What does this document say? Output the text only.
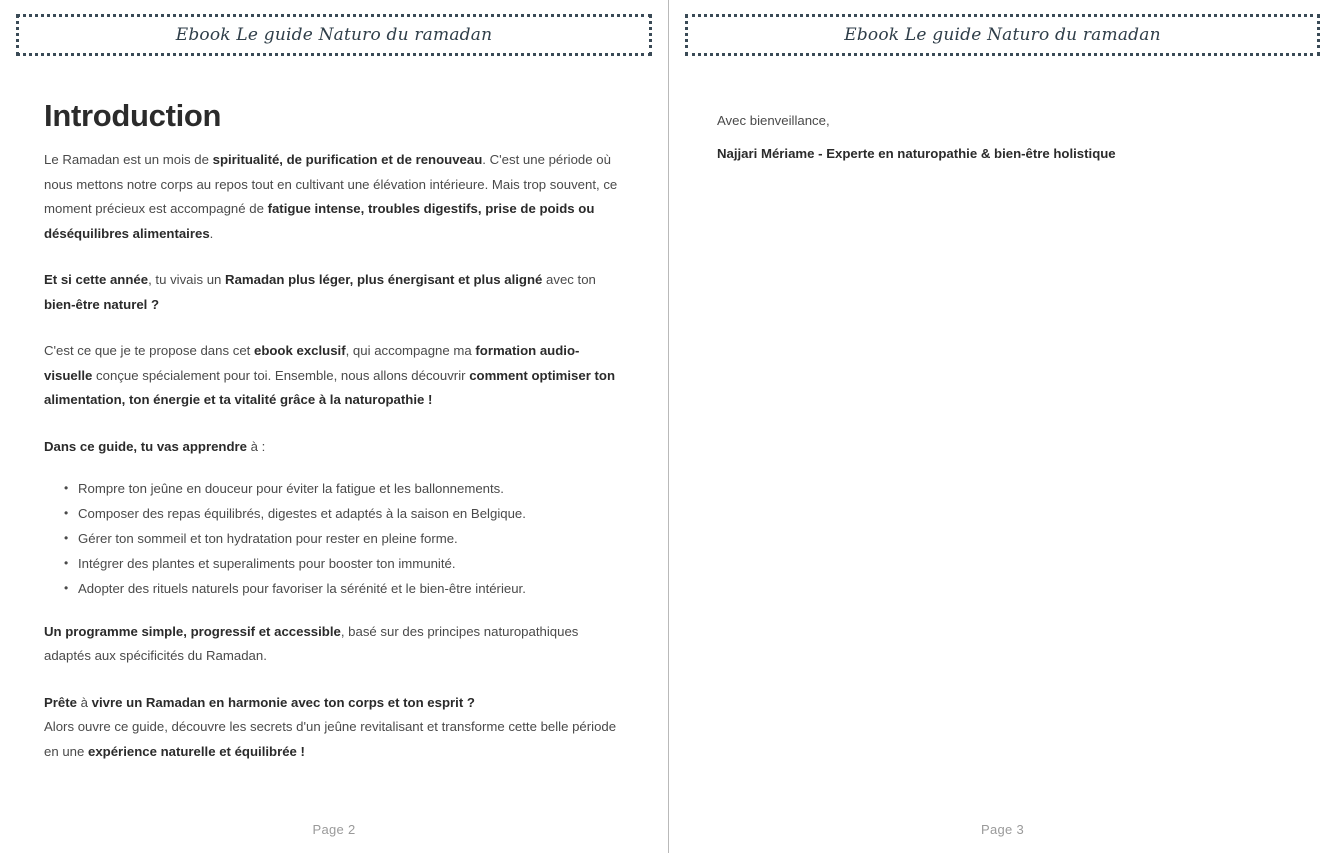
Ebook Le guide Naturo du ramadan
Introduction

Le Ramadan est un mois de spiritualité, de purification et de renouveau. C'est une période où nous mettons notre corps au repos tout en cultivant une élévation intérieure. Mais trop souvent, ce moment précieux est accompagné de fatigue intense, troubles digestifs, prise de poids ou déséquilibres alimentaires.

Et si cette année, tu vivais un Ramadan plus léger, plus énergisant et plus aligné avec ton bien-être naturel ?

C'est ce que je te propose dans cet ebook exclusif, qui accompagne ma formation audio-visuelle conçue spécialement pour toi. Ensemble, nous allons découvrir comment optimiser ton alimentation, ton énergie et ta vitalité grâce à la naturopathie !

Dans ce guide, tu vas apprendre à :

• Rompre ton jeûne en douceur pour éviter la fatigue et les ballonnements.
• Composer des repas équilibrés, digestes et adaptés à la saison en Belgique.
• Gérer ton sommeil et ton hydratation pour rester en pleine forme.
• Intégrer des plantes et superaliments pour booster ton immunité.
• Adopter des rituels naturels pour favoriser la sérénité et le bien-être intérieur.

Un programme simple, progressif et accessible, basé sur des principes naturopathiques adaptés aux spécificités du Ramadan.

Prête à vivre un Ramadan en harmonie avec ton corps et ton esprit ?

Alors ouvre ce guide, découvre les secrets d'un jeûne revitalisant et transforme cette belle période en une expérience naturelle et équilibrée !

Page 2
Ebook Le guide Naturo du ramadan

Avec bienveillance,

Najjari Mériame - Experte en naturopathie & bien-être holistique

Page 3
